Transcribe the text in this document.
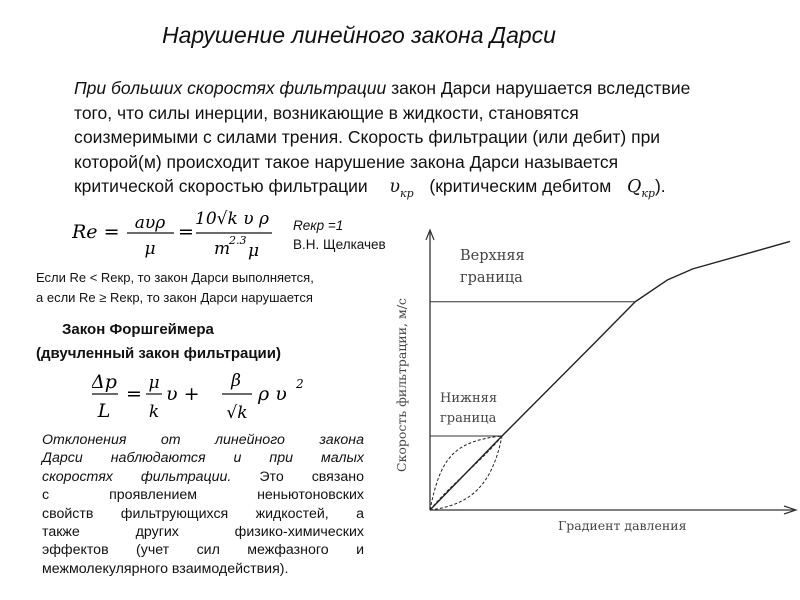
Нарушение линейного закона Дарси
При больших скоростях фильтрации закон Дарси нарушается вследствие
того, что силы инерции, возникающие в жидкости, становятся
соизмеримыми с силами трения. Скорость фильтрации (или дебит) при
которой(м) происходит такое нарушение закона Дарси называется
критической скоростью фильтрации $\upsilon_{кр}$ (критическим дебитом $Q_{кр}$).
Re = aυρ
μ
=
10√k υ ρ
m
2.3
μ
Reкр =1
В.Н. Щелкачев
Если Re < Reкр, то закон Дарси выполняется,
а если Re ≥ Reкр, то закон Дарси нарушается
Закон Форшгеймера
(двучленный закон фильтрации)
Δp
L
= μ
k
υ +
β
√k
ρ υ 2
Отклонения от линейного закона
Дарси наблюдаются и при малых
скоростях фильтрации. Это связано
с проявлением неньютоновских
свойств фильтрующихся жидкостей, а
также других физико-химических
эффектов (учет сил межфазного и
межмолекулярного взаимодействия).
Верхняя
граница
Нижняя
граница
Градиент давления
Скорость фильтрации, м/с
